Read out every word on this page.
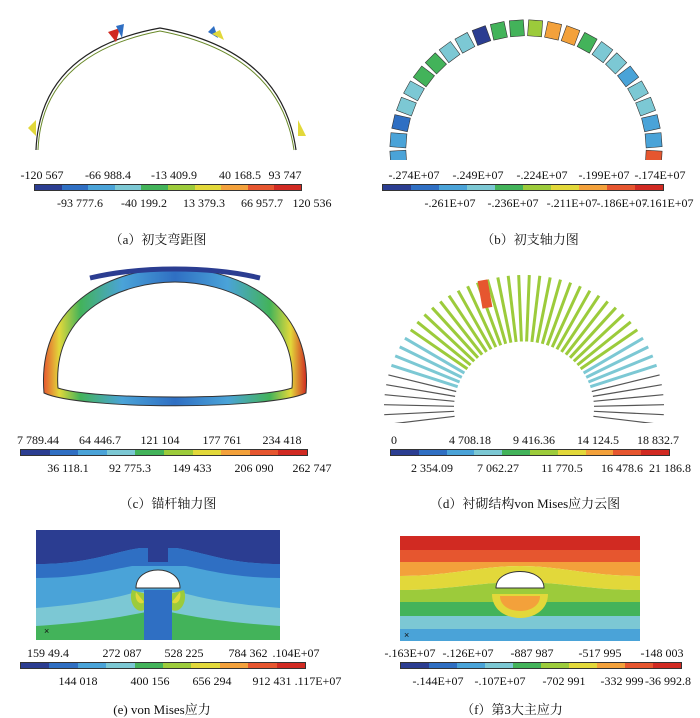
-120 567 -66 988.4 -13 409.9 40 168.5 93 747
-93 777.6 -40 199.2 13 379.3 66 957.7 120 536
（a）初支弯距图
-.274E+07 -.249E+07 -.224E+07 -.199E+07 -.174E+07
-.261E+07 -.236E+07 -.211E+07 -.186E+07
-.161E+07
（b）初支轴力图
7 789.44 64 446.7 121 104 177 761 234 418
36 118.1 92 775.3 149 433 206 090 262 747
（c）锚杆轴力图
0	4 708.18 9 416.36 14 124.5 18 832.7
2 354.09 7 062.27 11 770.5 16 478.6 21 186.8
（d）衬砌结构von Mises应力云图
×
159 49.4	272 087 528 225 784 362 .104E+07
144 018	400 156 656 294 912 431 .117E+07
(e) von Mises应力
×
-.163E+07 -.126E+07 -887 987 -517 995 -148 003
-.144E+07 -.107E+07 -702 991 -332 999 -36 992.8
（f）第3大主应力
